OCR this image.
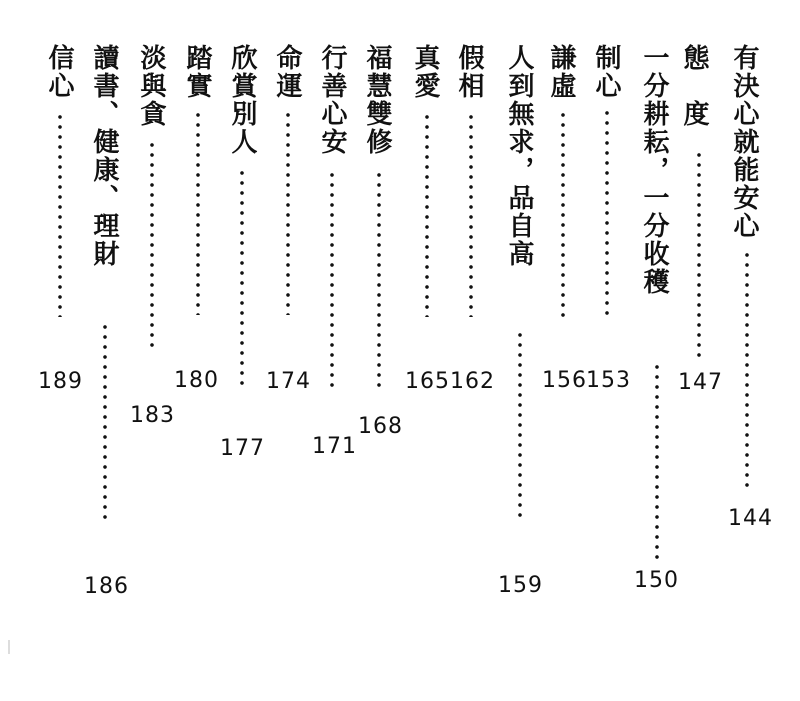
有決心就能安心
144
態　度
147
一分耕耘，一分收穫
150
制心
153
謙虛
156
人到無求，品自高
159
假相
162
真愛
165
福慧雙修
168
行善心安
171
命運
174
欣賞別人
177
踏實
180
淡與貪
183
讀書、健康、理財
186
信心
189
